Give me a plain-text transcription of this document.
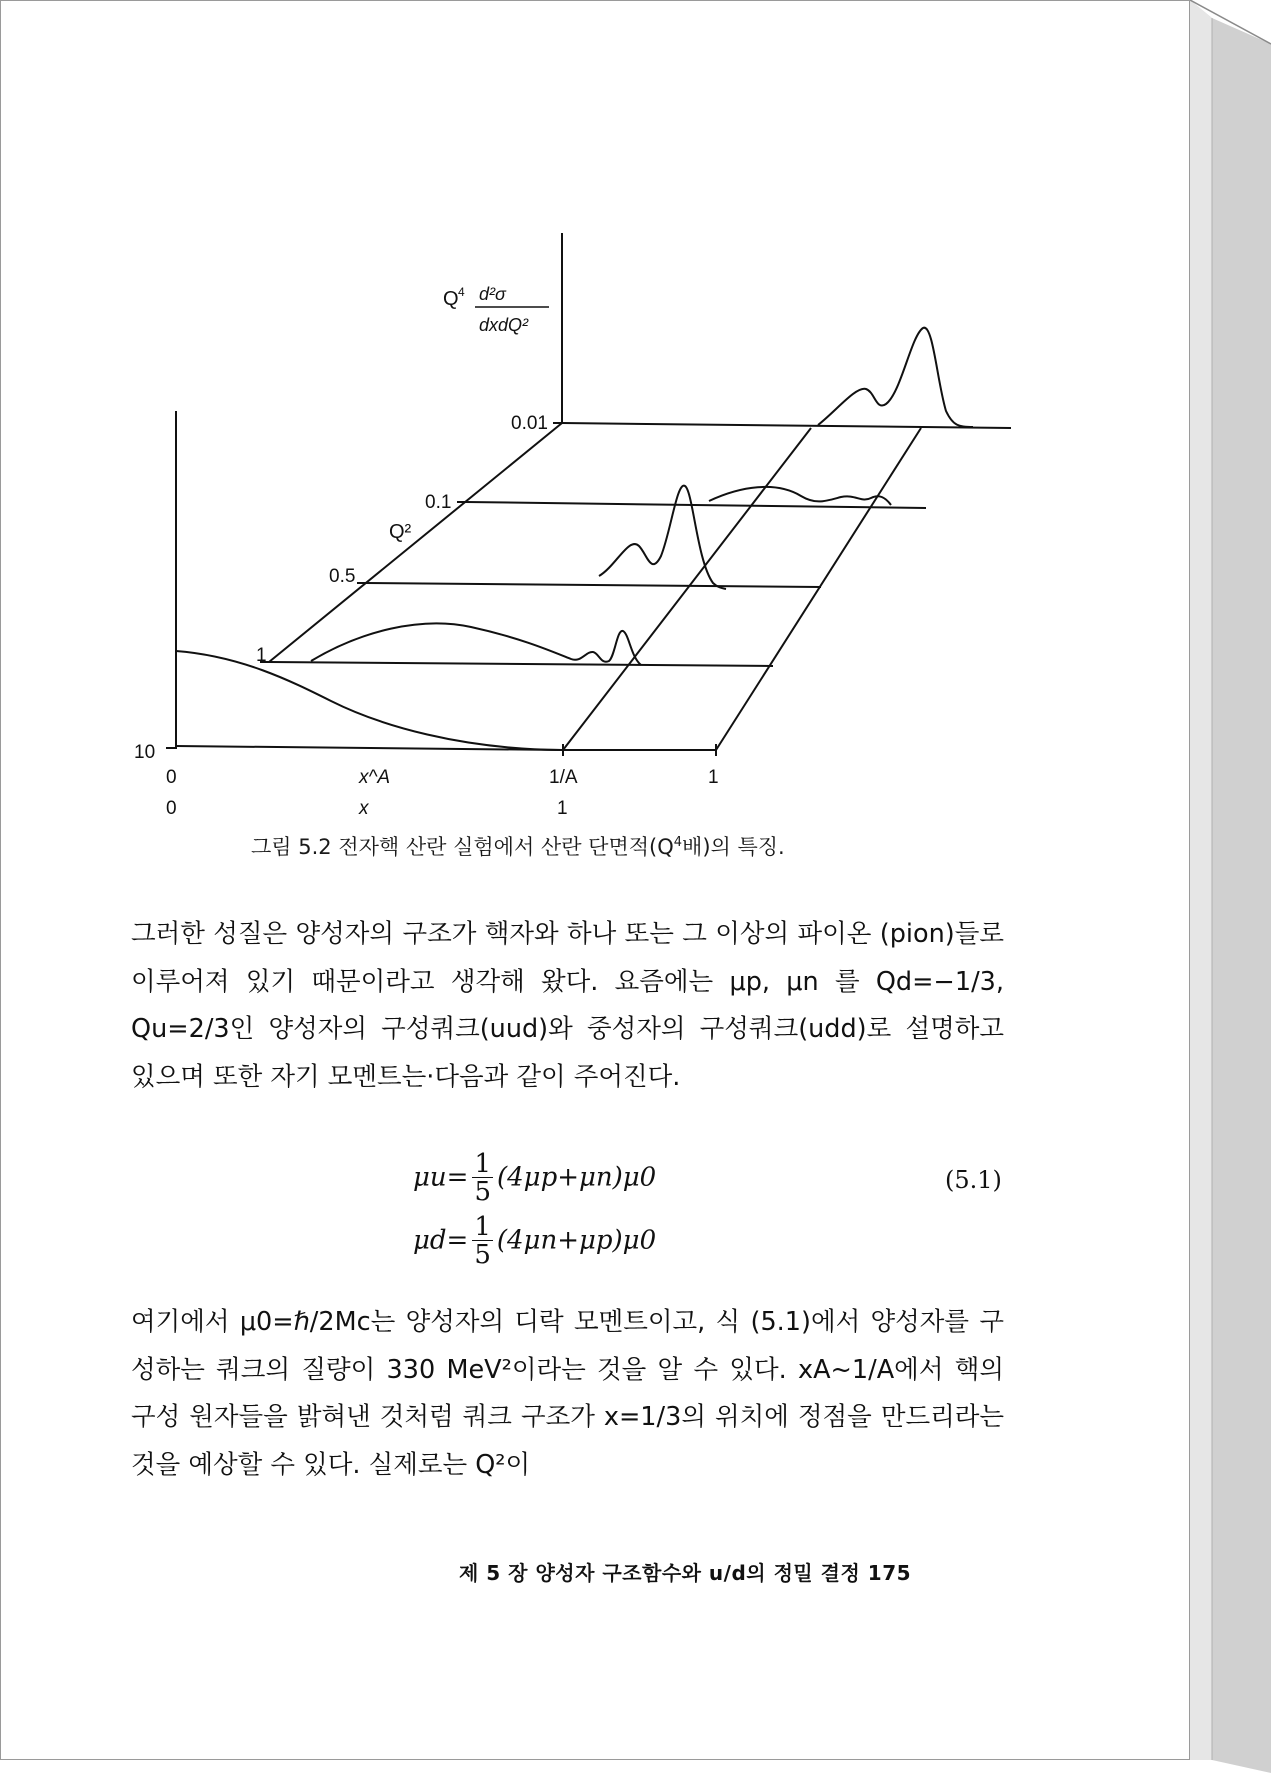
Q 4 d²σ
dxdQ²
Q²
0.01
0.1
0.5
1
10
0	x^A	1/A	1
0	x	1
그림 5.2 전자핵 산란 실험에서 산란 단면적($Q^4$배)의 특징.

그러한 성질은 양성자의 구조가 핵자와 하나 또는 그 이상의 파이온 (pion)들로 이루어져 있기 때문이라고 생각해 왔다. 요즘에는 μp, μn 를 Qd=−1/3, Qu=2/3인 양성자의 구성쿼크(uud)와 중성자의 구성쿼크(udd)로 설명하고 있으며 또한 자기 모멘트는·다음과 같이 주어진다.

$\mu u= \frac{1}{5} (4\mu p+\mu n)\mu 0$	(5.1)
$\mu d= \frac{1}{5} (4\mu n+\mu p)\mu 0$

여기에서 μ0=ℏ/2Mc는 양성자의 디락 모멘트이고, 식 (5.1)에서 양성자를 구성하는 쿼크의 질량이 330 MeV²이라는 것을 알 수 있다. xA~1/A에서 핵의 구성 원자들을 밝혀낸 것처럼 쿼크 구조가 x=1/3의 위치에 정점을 만드리라는 것을 예상할 수 있다. 실제로는 Q²이

제 5 장 양성자 구조함수와 u/d의 정밀 결정 175
